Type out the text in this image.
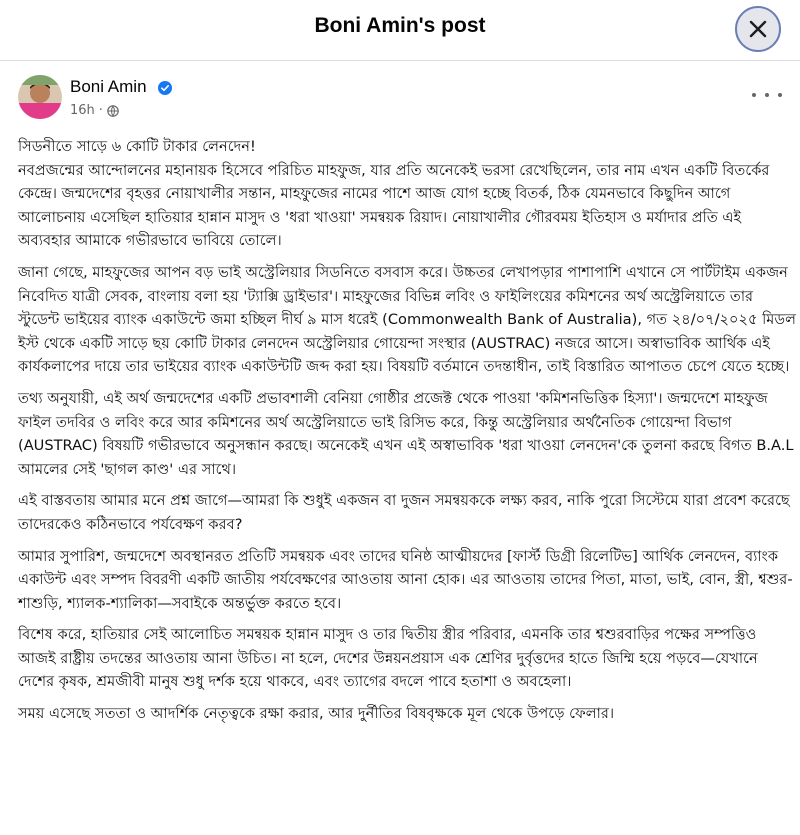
Boni Amin's post
Boni Amin
16h ·

সিডনীতে সাড়ে ৬ কোটি টাকার লেনদেন!
নবপ্রজন্মের আন্দোলনের মহানায়ক হিসেবে পরিচিত মাহফুজ, যার প্রতি অনেকেই ভরসা রেখেছিলেন, তার নাম এখন একটি বিতর্কের কেন্দ্রে। জন্মদেশের বৃহত্তর নোয়াখালীর সন্তান, মাহফুজের নামের পাশে আজ যোগ হচ্ছে বিতর্ক, ঠিক যেমনভাবে কিছুদিন আগে আলোচনায় এসেছিল হাতিয়ার হান্নান মাসুদ ও 'ধরা খাওয়া' সমন্বয়ক রিয়াদ। নোয়াখালীর গৌরবময় ইতিহাস ও মর্যাদার প্রতি এই অব্যবহার আমাকে গভীরভাবে ভাবিয়ে তোলে।

জানা গেছে, মাহফুজের আপন বড় ভাই অস্ট্রেলিয়ার সিডনিতে বসবাস করে। উচ্চতর লেখাপড়ার পাশাপাশি এখানে সে পার্টটাইম একজন নিবেদিত যাত্রী সেবক, বাংলায় বলা হয় 'ট্যাক্সি ড্রাইভার'। মাহফুজের বিভিন্ন লবিং ও ফাইলিংয়ের কমিশনের অর্থ অস্ট্রেলিয়াতে তার স্টুডেন্ট ভাইয়ের ব্যাংক একাউন্টে জমা হচ্ছিল দীর্ঘ ৯ মাস ধরেই (Commonwealth Bank of Australia), গত ২৪/০৭/২০২৫ মিডল ইস্ট থেকে একটি সাড়ে ছয় কোটি টাকার লেনদেন অস্ট্রেলিয়ার গোয়েন্দা সংস্থার (AUSTRAC) নজরে আসে। অস্বাভাবিক আর্থিক এই কার্যকলাপের দায়ে তার ভাইয়ের ব্যাংক একাউন্টটি জব্দ করা হয়। বিষয়টি বর্তমানে তদন্তাধীন, তাই বিস্তারিত আপাতত চেপে যেতে হচ্ছে।

তথ্য অনুযায়ী, এই অর্থ জন্মদেশের একটি প্রভাবশালী বেনিয়া গোষ্ঠীর প্রজেক্ট থেকে পাওয়া 'কমিশনভিত্তিক হিস্যা'। জন্মদেশে মাহফুজ ফাইল তদবির ও লবিং করে আর কমিশনের অর্থ অস্ট্রেলিয়াতে ভাই রিসিভ করে, কিন্তু অস্ট্রেলিয়ার অর্থনৈতিক গোয়েন্দা বিভাগ (AUSTRAC) বিষয়টি গভীরভাবে অনুসন্ধান করছে। অনেকেই এখন এই অস্বাভাবিক 'ধরা খাওয়া লেনদেন'কে তুলনা করছে বিগত B.A.L আমলের সেই 'ছাগল কাণ্ড' এর সাথে।

এই বাস্তবতায় আমার মনে প্রশ্ন জাগে—আমরা কি শুধুই একজন বা দুজন সমন্বয়ককে লক্ষ্য করব, নাকি পুরো সিস্টেমে যারা প্রবেশ করেছে তাদেরকেও কঠিনভাবে পর্যবেক্ষণ করব?

আমার সুপারিশ, জন্মদেশে অবস্থানরত প্রতিটি সমন্বয়ক এবং তাদের ঘনিষ্ঠ আত্মীয়দের [ফার্স্ট ডিগ্রী রিলেটিভ] আর্থিক লেনদেন, ব্যাংক একাউন্ট এবং সম্পদ বিবরণী একটি জাতীয় পর্যবেক্ষণের আওতায় আনা হোক। এর আওতায় তাদের পিতা, মাতা, ভাই, বোন, স্ত্রী, শ্বশুর-শাশুড়ি, শ্যালক-শ্যালিকা—সবাইকে অন্তর্ভুক্ত করতে হবে।

বিশেষ করে, হাতিয়ার সেই আলোচিত সমন্বয়ক হান্নান মাসুদ ও তার দ্বিতীয় স্ত্রীর পরিবার, এমনকি তার শ্বশুরবাড়ির পক্ষের সম্পত্তিও আজই রাষ্ট্রীয় তদন্তের আওতায় আনা উচিত। না হলে, দেশের উন্নয়নপ্রয়াস এক শ্রেণির দুর্বৃত্তদের হাতে জিম্মি হয়ে পড়বে—যেখানে দেশের কৃষক, শ্রমজীবী মানুষ শুধু দর্শক হয়ে থাকবে, এবং ত্যাগের বদলে পাবে হতাশা ও অবহেলা।

সময় এসেছে সততা ও আদর্শিক নেতৃত্বকে রক্ষা করার, আর দুর্নীতির বিষবৃক্ষকে মূল থেকে উপড়ে ফেলার।
